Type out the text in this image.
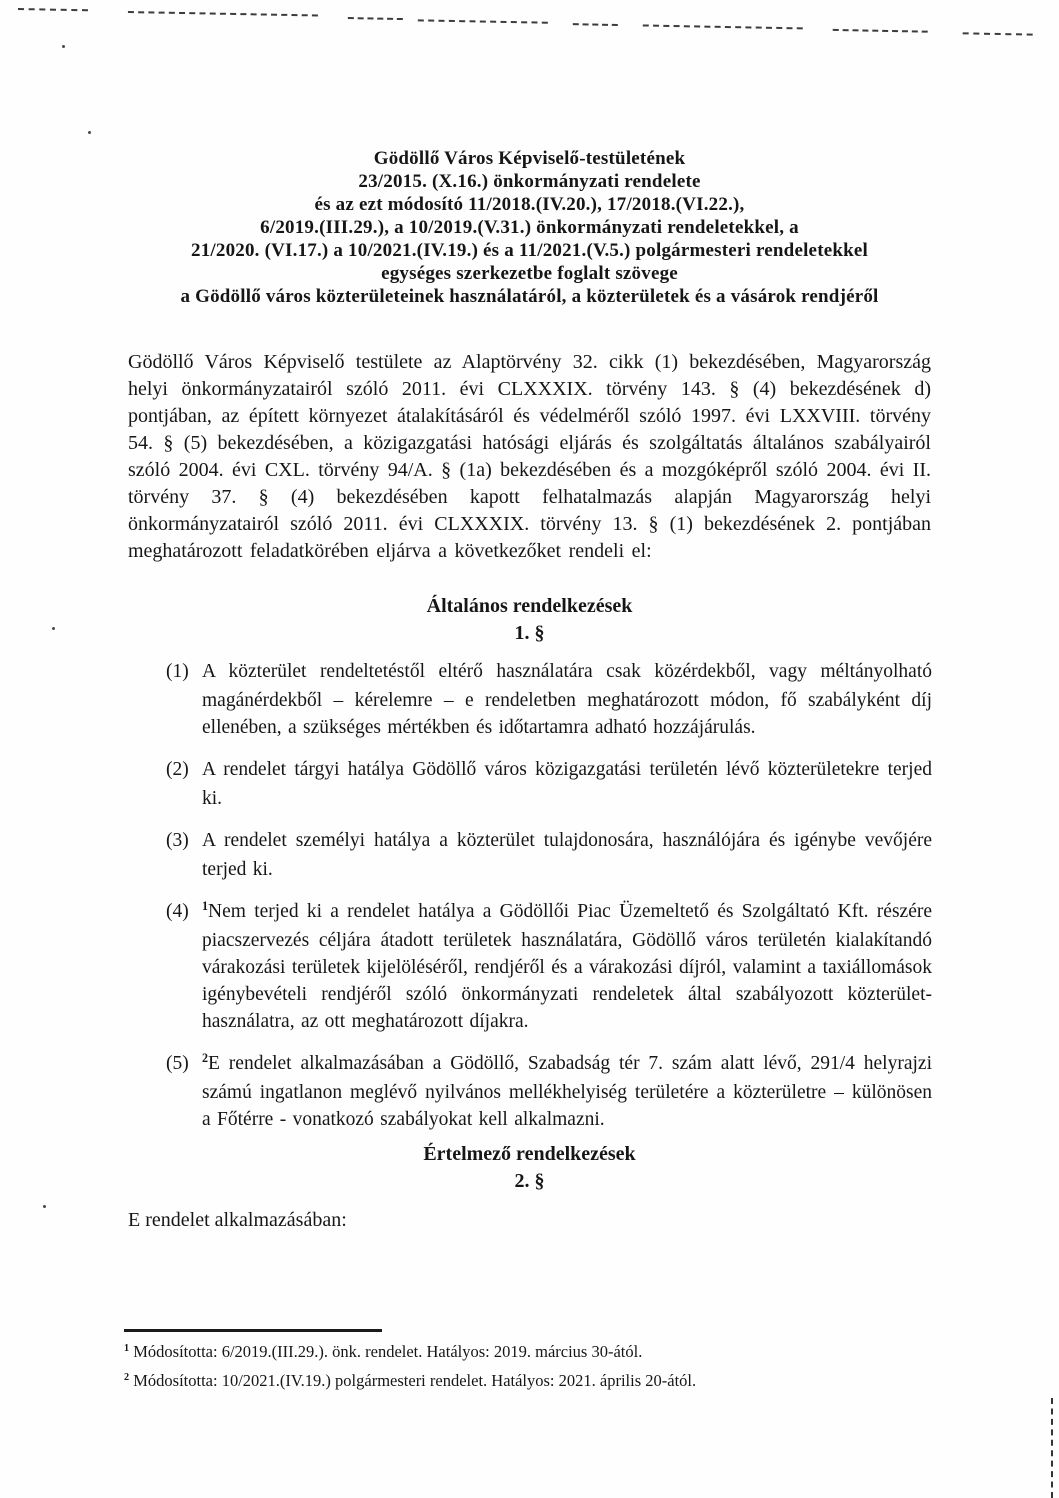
Gödöllő Város Képviselő-testületének
23/2015. (X.16.) önkormányzati rendelete
és az ezt módosító 11/2018.(IV.20.), 17/2018.(VI.22.),
6/2019.(III.29.), a 10/2019.(V.31.) önkormányzati rendeletekkel, a
21/2020. (VI.17.) a 10/2021.(IV.19.) és a 11/2021.(V.5.) polgármesteri rendeletekkel
egységes szerkezetbe foglalt szövege
a Gödöllő város közterületeinek használatáról, a közterületek és a vásárok rendjéről

Gödöllő Város Képviselő testülete az Alaptörvény 32. cikk (1) bekezdésében, Magyarország helyi önkormányzatairól szóló 2011. évi CLXXXIX. törvény 143. § (4) bekezdésének d) pontjában, az épített környezet átalakításáról és védelméről szóló 1997. évi LXXVIII. törvény 54. § (5) bekezdésében, a közigazgatási hatósági eljárás és szolgáltatás általános szabályairól szóló 2004. évi CXL. törvény 94/A. § (1a) bekezdésében és a mozgóképről szóló 2004. évi II. törvény 37. § (4) bekezdésében kapott felhatalmazás alapján Magyarország helyi önkormányzatairól szóló 2011. évi CLXXXIX. törvény 13. § (1) bekezdésének 2. pontjában meghatározott feladatkörében eljárva a következőket rendeli el:

Általános rendelkezések
1. §
(1) A közterület rendeltetéstől eltérő használatára csak közérdekből, vagy méltányolható magánérdekből – kérelemre – e rendeletben meghatározott módon, fő szabályként díj ellenében, a szükséges mértékben és időtartamra adható hozzájárulás.
(2) A rendelet tárgyi hatálya Gödöllő város közigazgatási területén lévő közterületekre terjed ki.
(3) A rendelet személyi hatálya a közterület tulajdonosára, használójára és igénybe vevőjére terjed ki.
(4)	$^1$Nem terjed ki a rendelet hatálya a Gödöllői Piac Üzemeltető és Szolgáltató Kft. részére piacszervezés céljára átadott területek használatára, Gödöllő város területén kialakítandó várakozási területek kijelöléséről, rendjéről és a várakozási díjról, valamint a taxiállomások igénybevételi rendjéről szóló önkormányzati rendeletek által szabályozott közterület-használatra, az ott meghatározott díjakra.
(5)	$^2$E rendelet alkalmazásában a Gödöllő, Szabadság tér 7. szám alatt lévő, 291/4 helyrajzi számú ingatlanon meglévő nyilvános mellékhelyiség területére a közterületre – különösen a Főtérre - vonatkozó szabályokat kell alkalmazni.
Értelmező rendelkezések
2. §
E rendelet alkalmazásában:
$^1$ Módosította: 6/2019.(III.29.). önk. rendelet. Hatályos: 2019. március 30-ától.
$^2$ Módosította: 10/2021.(IV.19.) polgármesteri rendelet. Hatályos: 2021. április 20-ától.
